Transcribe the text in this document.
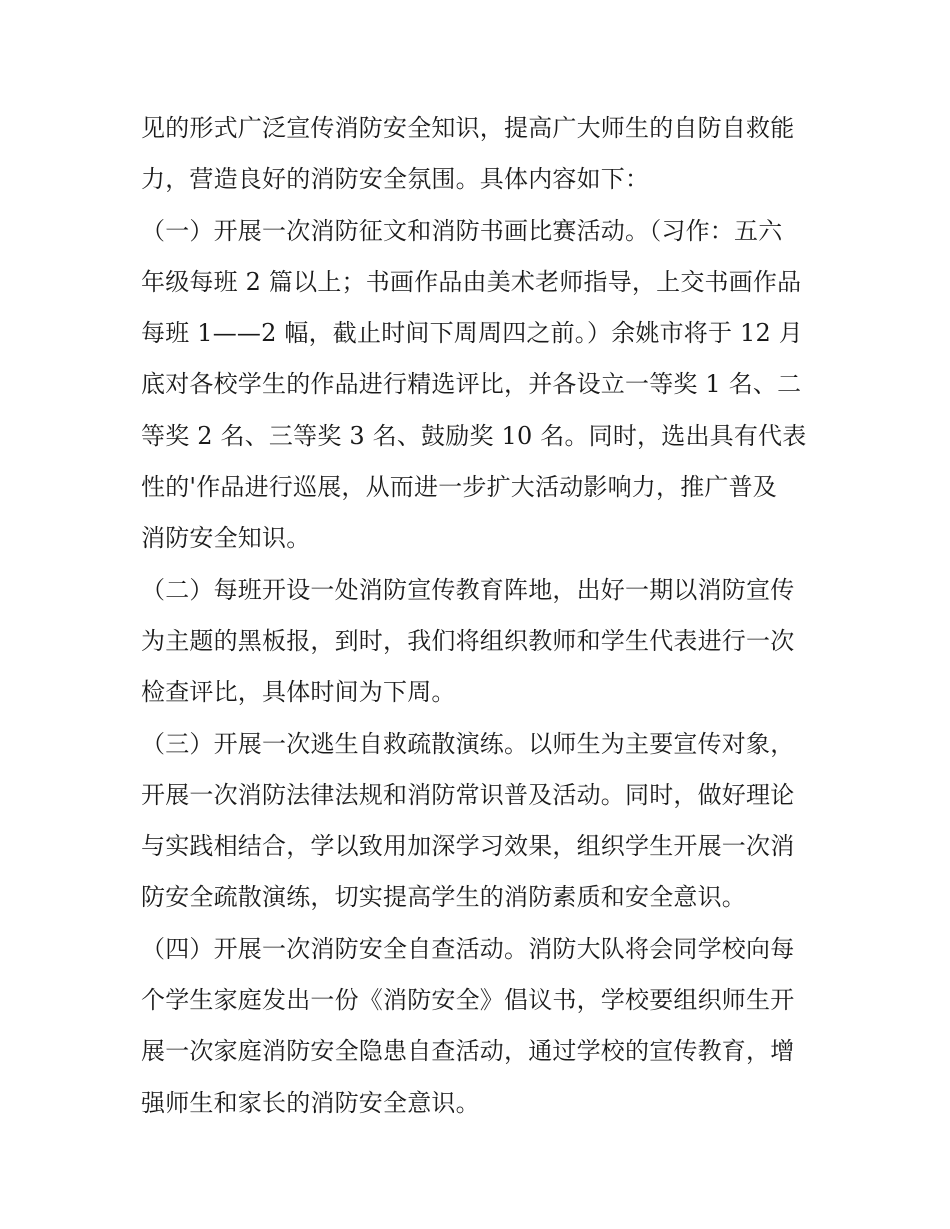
见的形式广泛宣传消防安全知识，提高广大师生的自防自救能
力，营造良好的消防安全氛围。具体内容如下：
（一）开展一次消防征文和消防书画比赛活动。（习作：五六
年级每班 2 篇以上；书画作品由美术老师指导，上交书画作品
每班 1——2 幅，截止时间下周周四之前。）余姚市将于 12 月
底对各校学生的作品进行精选评比，并各设立一等奖 1 名、二
等奖 2 名、三等奖 3 名、鼓励奖 10 名。同时，选出具有代表
性的'作品进行巡展，从而进一步扩大活动影响力，推广普及
消防安全知识。
（二）每班开设一处消防宣传教育阵地，出好一期以消防宣传
为主题的黑板报，到时，我们将组织教师和学生代表进行一次
检查评比，具体时间为下周。
（三）开展一次逃生自救疏散演练。以师生为主要宣传对象，
开展一次消防法律法规和消防常识普及活动。同时，做好理论
与实践相结合，学以致用加深学习效果，组织学生开展一次消
防安全疏散演练，切实提高学生的消防素质和安全意识。
（四）开展一次消防安全自查活动。消防大队将会同学校向每
个学生家庭发出一份《消防安全》倡议书，学校要组织师生开
展一次家庭消防安全隐患自查活动，通过学校的宣传教育，增
强师生和家长的消防安全意识。
